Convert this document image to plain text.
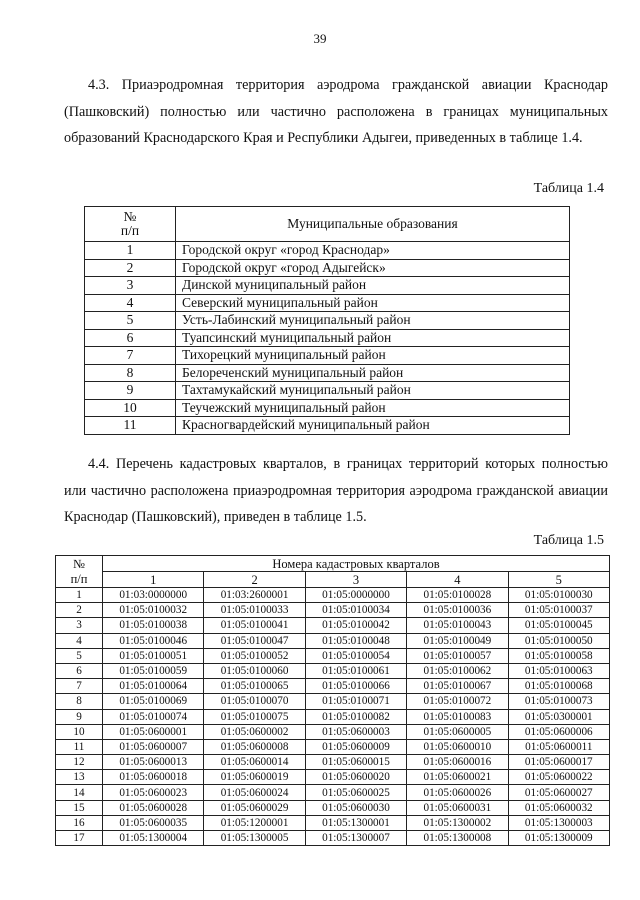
39

4.3. Приаэродромная территория аэродрома гражданской авиации Краснодар (Пашковский) полностью или частично расположена в границах муниципальных образований Краснодарского Края и Республики Адыгеи, приведенных в таблице 1.4.

Таблица 1.4
№
п/п	Муниципальные образования
1	Городской округ «город Краснодар»
2	Городской округ «город Адыгейск»
3	Динской муниципальный район
4	Северский муниципальный район
5	Усть-Лабинский муниципальный район
6	Туапсинский муниципальный район
7	Тихорецкий муниципальный район
8	Белореченский муниципальный район
9	Тахтамукайский муниципальный район
10	Теучежский муниципальный район
11	Красногвардейский муниципальный район

4.4. Перечень кадастровых кварталов, в границах территорий которых полностью или частично расположена приаэродромная территория аэродрома гражданской авиации Краснодар (Пашковский), приведен в таблице 1.5.

Таблица 1.5
№
п/п	Номера кадастровых кварталов				
	1	2	3	4	5
1	01:03:0000000	01:03:2600001	01:05:0000000	01:05:0100028	01:05:0100030
2	01:05:0100032	01:05:0100033	01:05:0100034	01:05:0100036	01:05:0100037
3	01:05:0100038	01:05:0100041	01:05:0100042	01:05:0100043	01:05:0100045
4	01:05:0100046	01:05:0100047	01:05:0100048	01:05:0100049	01:05:0100050
5	01:05:0100051	01:05:0100052	01:05:0100054	01:05:0100057	01:05:0100058
6	01:05:0100059	01:05:0100060	01:05:0100061	01:05:0100062	01:05:0100063
7	01:05:0100064	01:05:0100065	01:05:0100066	01:05:0100067	01:05:0100068
8	01:05:0100069	01:05:0100070	01:05:0100071	01:05:0100072	01:05:0100073
9	01:05:0100074	01:05:0100075	01:05:0100082	01:05:0100083	01:05:0300001
10	01:05:0600001	01:05:0600002	01:05:0600003	01:05:0600005	01:05:0600006
11	01:05:0600007	01:05:0600008	01:05:0600009	01:05:0600010	01:05:0600011
12	01:05:0600013	01:05:0600014	01:05:0600015	01:05:0600016	01:05:0600017
13	01:05:0600018	01:05:0600019	01:05:0600020	01:05:0600021	01:05:0600022
14	01:05:0600023	01:05:0600024	01:05:0600025	01:05:0600026	01:05:0600027
15	01:05:0600028	01:05:0600029	01:05:0600030	01:05:0600031	01:05:0600032
16	01:05:0600035	01:05:1200001	01:05:1300001	01:05:1300002	01:05:1300003
17	01:05:1300004	01:05:1300005	01:05:1300007	01:05:1300008	01:05:1300009
